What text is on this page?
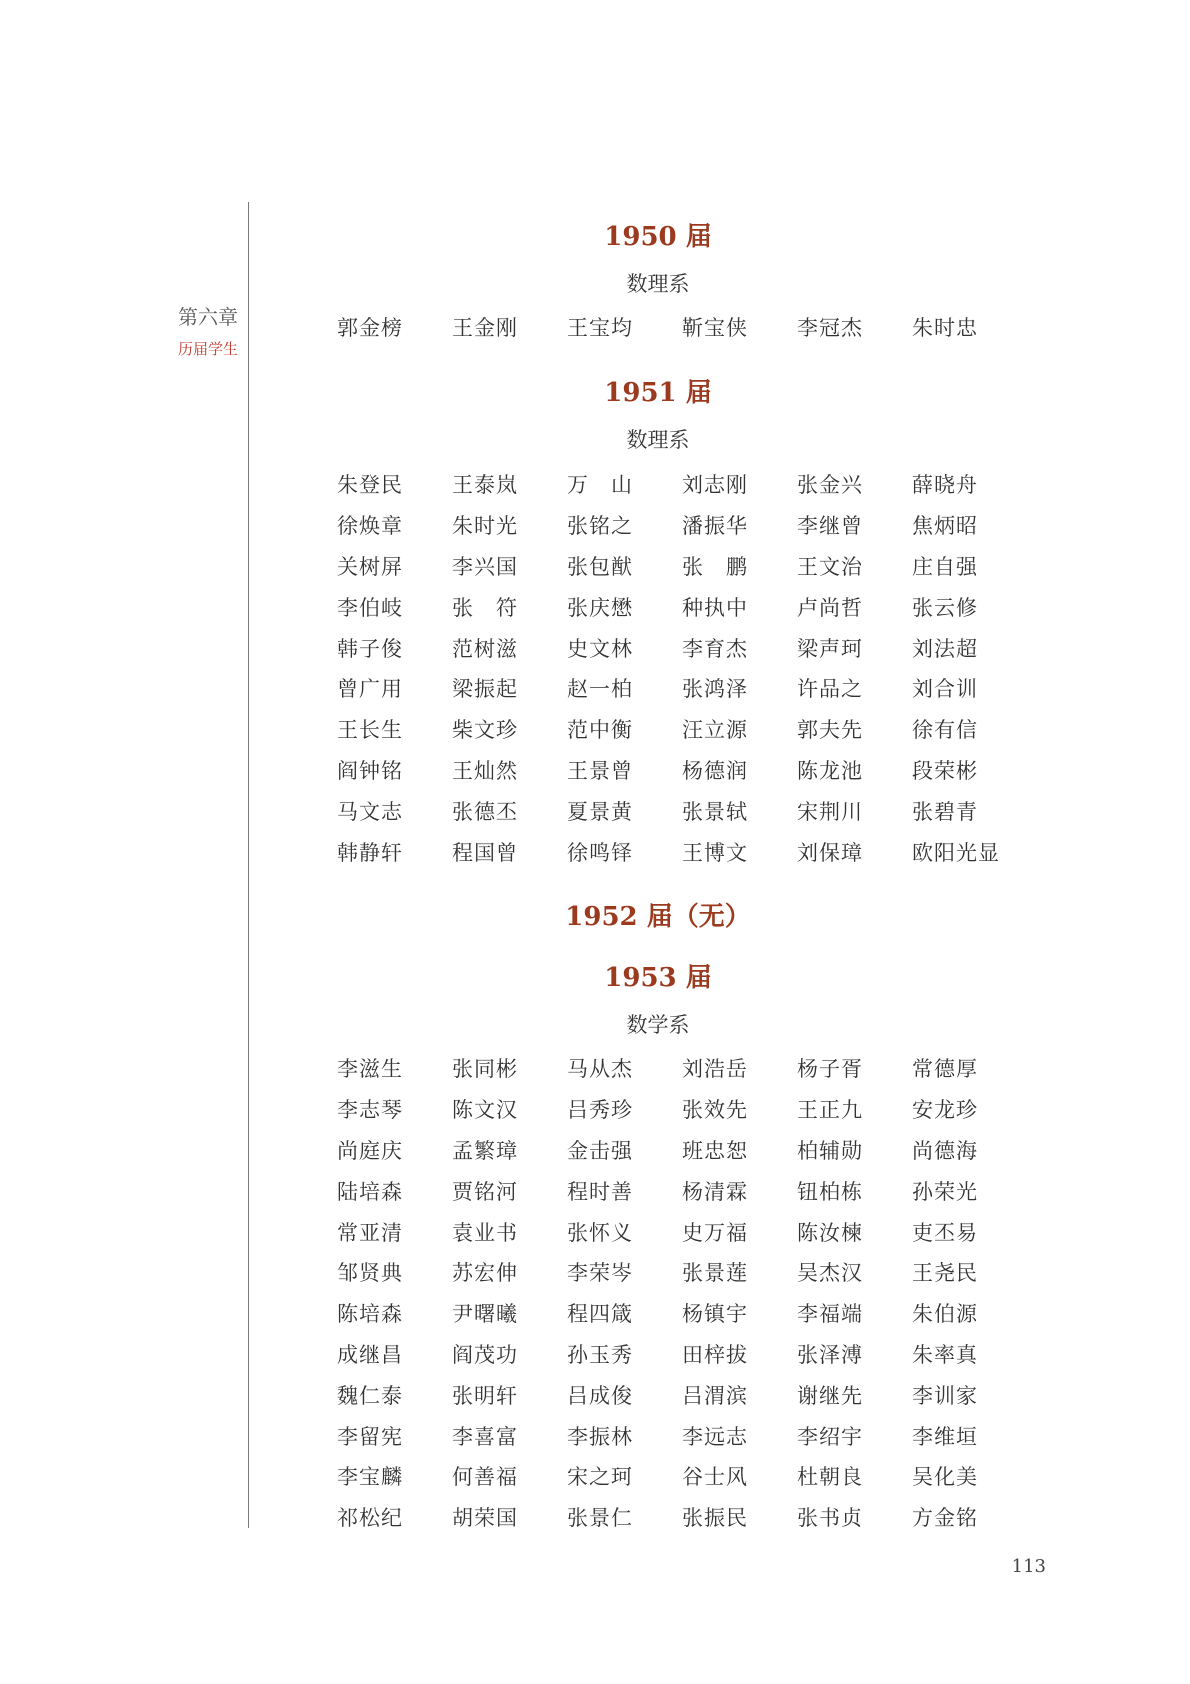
第六章
历届学生
1950 届
数理系
郭金榜	王金刚	王宝均	靳宝侠	李冠杰	朱时忠
1951 届
数理系
朱登民	王泰岚	万　山	刘志刚	张金兴	薛晓舟
徐焕章	朱时光	张铭之	潘振华	李继曾	焦炳昭
关树屏	李兴国	张包猷	张　鹏	王文治	庄自强
李伯岐	张　符	张庆懋	种执中	卢尚哲	张云修
韩子俊	范树滋	史文林	李育杰	梁声珂	刘法超
曾广用	梁振起	赵一柏	张鸿泽	许品之	刘合训
王长生	柴文珍	范中衡	汪立源	郭夫先	徐有信
阎钟铭	王灿然	王景曾	杨德润	陈龙池	段荣彬
马文志	张德丕	夏景黄	张景轼	宋荆川	张碧青
韩静轩	程国曾	徐鸣铎	王博文	刘保璋	欧阳光显
1952 届（无）
1953 届
数学系
李滋生	张同彬	马从杰	刘浩岳	杨子胥	常德厚
李志琴	陈文汉	吕秀珍	张效先	王正九	安龙珍
尚庭庆	孟繁璋	金击强	班忠恕	柏辅勋	尚德海
陆培森	贾铭河	程时善	杨清霖	钮柏栋	孙荣光
常亚清	袁业书	张怀义	史万福	陈汝楝	吏丕易
邹贤典	苏宏伸	李荣岑	张景莲	吴杰汉	王尧民
陈培森	尹曙曦	程四箴	杨镇宇	李福端	朱伯源
成继昌	阎茂功	孙玉秀	田梓拔	张泽溥	朱率真
魏仁泰	张明轩	吕成俊	吕渭滨	谢继先	李训家
李留宪	李喜富	李振林	李远志	李绍宇	李维垣
李宝麟	何善福	宋之珂	谷士风	杜朝良	吴化美
祁松纪	胡荣国	张景仁	张振民	张书贞	方金铭
113
